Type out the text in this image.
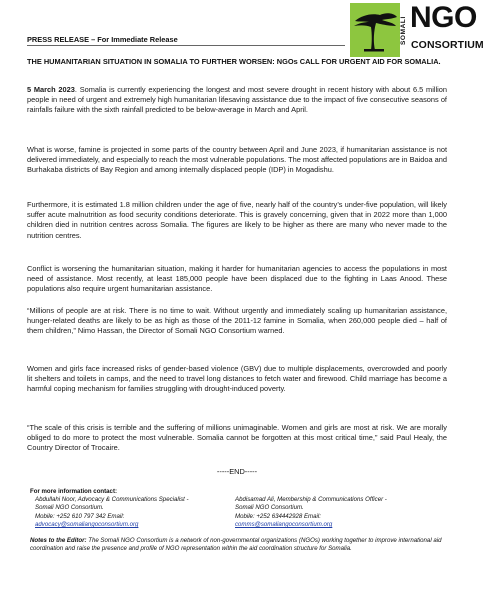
SOMALI NGO
CONSORTIUM
PRESS RELEASE – For Immediate Release
THE HUMANITARIAN SITUATION IN SOMALIA TO FURTHER WORSEN: NGOs CALL FOR URGENT AID FOR SOMALIA.
5 March 2023. Somalia is currently experiencing the longest and most severe drought in recent history with about 6.5 million people in need of urgent and extremely high humanitarian lifesaving assistance due to the impact of five consecutive seasons of rainfalls failure with the sixth rainfall predicted to be below-average in March and April.
What is worse, famine is projected in some parts of the country between April and June 2023, if humanitarian assistance is not delivered immediately, and especially to reach the most vulnerable populations. The most affected populations are in Baidoa and Burhakaba districts of Bay Region and among internally displaced people (IDP) in Mogadishu.
Furthermore, it is estimated 1.8 million children under the age of five, nearly half of the country’s under-five population, will likely suffer acute malnutrition as food security conditions deteriorate. This is gravely concerning, given that in 2022 more than 1,000 children died in nutrition centres across Somalia. The figures are likely to be higher as there are many who never made to the nutrition centres.
Conflict is worsening the humanitarian situation, making it harder for humanitarian agencies to access the populations in most need of assistance. Most recently, at least 185,000 people have been displaced due to the fighting in Laas Anood. These populations also require urgent humanitarian assistance.
“Millions of people are at risk. There is no time to wait. Without urgently and immediately scaling up humanitarian assistance, hunger-related deaths are likely to be as high as those of the 2011-12 famine in Somalia, when 260,000 people died – half of them children,” Nimo Hassan, the Director of Somali NGO Consortium warned.
Women and girls face increased risks of gender-based violence (GBV) due to multiple displacements, overcrowded and poorly lit shelters and toilets in camps, and the need to travel long distances to fetch water and firewood. Child marriage has become a harmful coping mechanism for families struggling with drought-induced poverty.
“The scale of this crisis is terrible and the suffering of millions unimaginable. Women and girls are most at risk. We are morally obliged to do more to protect the most vulnerable. Somalia cannot be forgotten at this most critical time,” said Paul Healy, the Country Director of Trocaire.
-----END-----
For more information contact:
Abdullahi Noor, Advocacy & Communications Specialist -
Somali NGO Consortium.
Mobile: +252 610 797 342 Email:
advocacy@somaliangoconsortium.org
Abdisamad Ali, Membership & Communications Officer -
Somali NGO Consortium.
Mobile: +252 634442928 Email:
comms@somaliangoconsortium.org
Notes to the Editor: The Somali NGO Consortium is a network of non-governmental organizations (NGOs) working together to improve international aid coordination and raise the presence and profile of NGO representation within the aid coordination structure for Somalia.
